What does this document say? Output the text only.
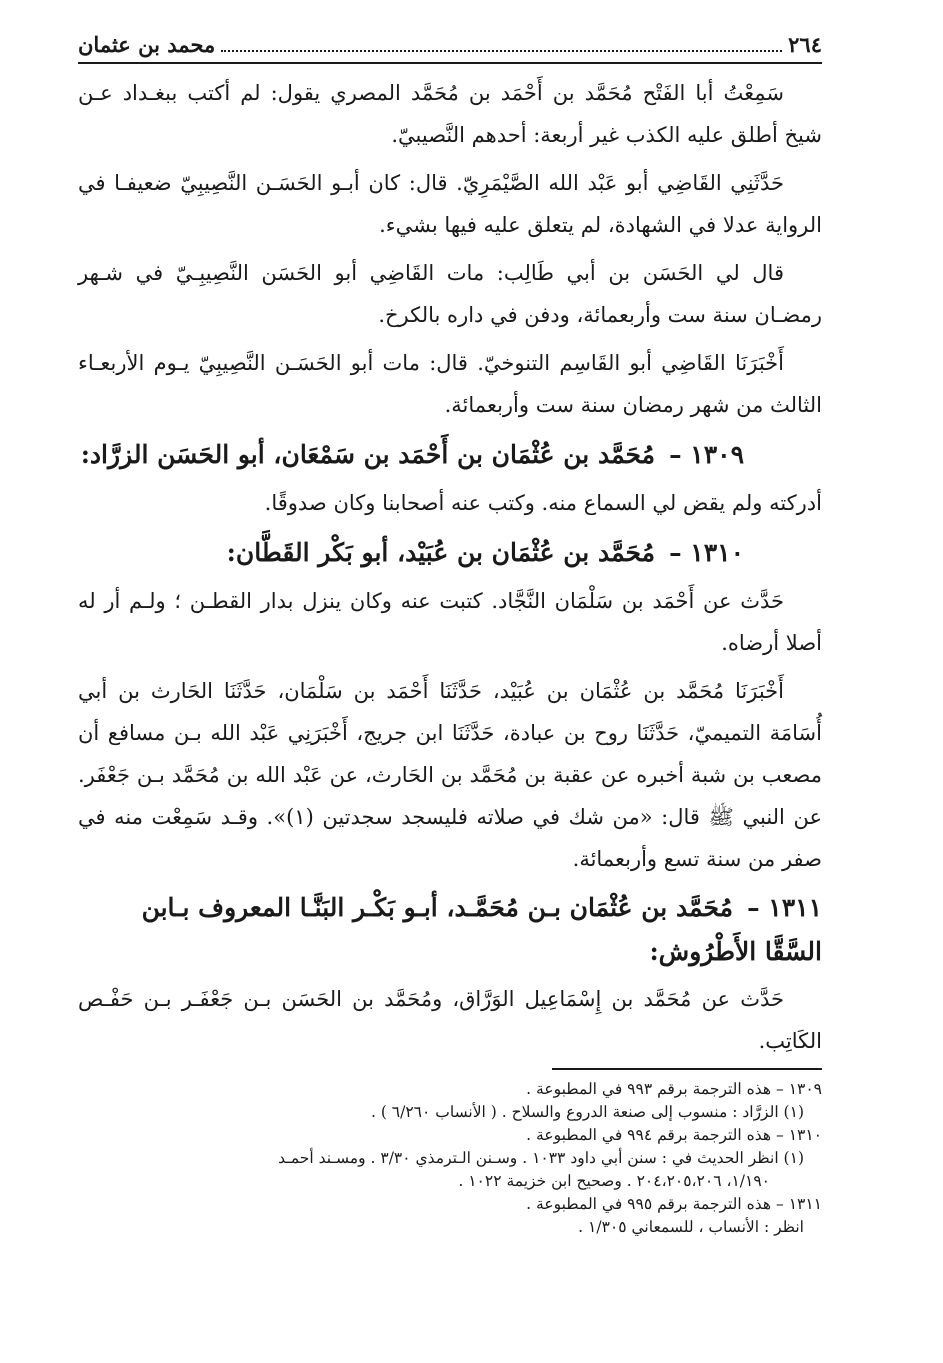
٢٦٤
محمد بن عثمان

سَمِعْتُ أبا الفَتْح مُحَمَّد بن أَحْمَد بن مُحَمَّد المصري يقول: لم أكتب ببغـداد عـن شيخ أطلق عليه الكذب غير أربعة: أحدهم النَّصيبيّ.

حَدَّثَنِي القَاضِي أبو عَبْد الله الصَّيْمَرِيّ. قال: كان أبـو الحَسَـن النَّصِيبِيّ ضعيفـا في الرواية عدلا في الشهادة، لم يتعلق عليه فيها بشيء.

قال لي الحَسَن بن أبي طَالِب: مات القَاضِي أبو الحَسَن النَّصِيبِـيّ في شـهر رمضـان سنة ست وأربعمائة، ودفن في داره بالكرخ.

أَخْبَرَنَا القَاضِي أبو القَاسِم التنوخيّ. قال: مات أبو الحَسَـن النَّصِيبِيّ يـوم الأربعـاء الثالث من شهر رمضان سنة ست وأربعمائة.

١٣٠٩ –مُحَمَّد بن عُثْمَان بن أَحْمَد بن سَمْعَان، أبو الحَسَن الزرَّاد:

أدركته ولم يقض لي السماع منه. وكتب عنه أصحابنا وكان صدوقًا.

١٣١٠ –مُحَمَّد بن عُثْمَان بن عُبَيْد، أبو بَكْر القَطَّان:

حَدَّث عن أَحْمَد بن سَلْمَان النَّجَّاد. كتبت عنه وكان ينزل بدار القطـن ؛ ولـم أر له أصلا أرضاه.

أَخْبَرَنَا مُحَمَّد بن عُثْمَان بن عُبَيْد، حَدَّثَنَا أَحْمَد بن سَلْمَان، حَدَّثَنَا الحَارث بن أبي أُسَامَة التميميّ، حَدَّثَنَا روح بن عبادة، حَدَّثَنَا ابن جريج، أَخْبَرَنِي عَبْد الله بـن مسافع أن مصعب بن شبة أخبره عن عقبة بن مُحَمَّد بن الحَارث، عن عَبْد الله بن مُحَمَّد بـن جَعْفَر. عن النبي ﷺ قال: «من شك في صلاته فليسجد سجدتين (١)». وقـد سَمِعْت منه في صفر من سنة تسع وأربعمائة.

١٣١١ –مُحَمَّد بن عُثْمَان بـن مُحَمَّـد، أبـو بَكْـر البَنَّـا المعروف بـابن السَّقَّا الأَطْرُوش:

حَدَّث عن مُحَمَّد بن إِسْمَاعِيل الوَرَّاق، ومُحَمَّد بن الحَسَن بـن جَعْفَـر بـن حَفْـص الكَاتِب.

١٣٠٩ – هذه الترجمة برقم ٩٩٣ في المطبوعة .
(١) الزرَّاد : منسوب إلى صنعة الدروع والسلاح . ( الأنساب ٦/٢٦٠ ) .
١٣١٠ – هذه الترجمة برقم ٩٩٤ في المطبوعة .
(١) انظر الحديث في : سنن أبي داود ١٠٣٣ . وسـنن الـترمذي ٣/٣٠ . ومسـند أحمـد
١/١٩٠، ٢٠٤،٢٠٥،٢٠٦ . وصحيح ابن خزيمة ١٠٢٢ .
١٣١١ – هذه الترجمة برقم ٩٩٥ في المطبوعة .
انظر : الأنساب ، للسمعاني ١/٣٠٥ .
